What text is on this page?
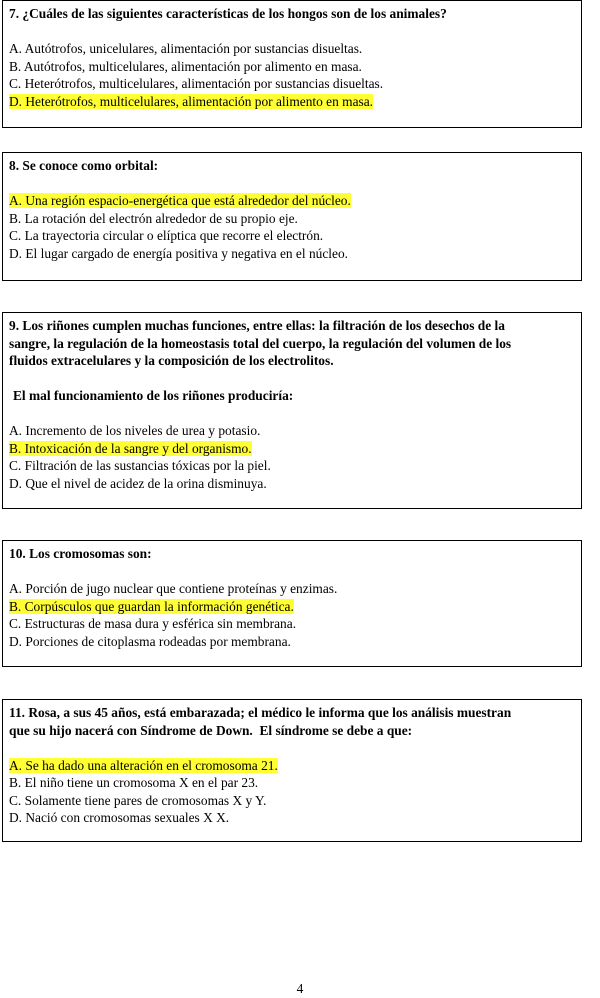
7. ¿Cuáles de las siguientes características de los hongos son de los animales?
A. Autótrofos, unicelulares, alimentación por sustancias disueltas.
B. Autótrofos, multicelulares, alimentación por alimento en masa.
C. Heterótrofos, multicelulares, alimentación por sustancias disueltas.
D. Heterótrofos, multicelulares, alimentación por alimento en masa.
8. Se conoce como orbital:
A. Una región espacio-energética que está alrededor del núcleo.
B. La rotación del electrón alrededor de su propio eje.
C. La trayectoria circular o elíptica que recorre el electrón.
D. El lugar cargado de energía positiva y negativa en el núcleo.
9. Los riñones cumplen muchas funciones, entre ellas: la filtración de los desechos de la
sangre, la regulación de la homeostasis total del cuerpo, la regulación del volumen de los
fluidos extracelulares y la composición de los electrolitos.
El mal funcionamiento de los riñones produciría:
A. Incremento de los niveles de urea y potasio.
B. Intoxicación de la sangre y del organismo.
C. Filtración de las sustancias tóxicas por la piel.
D. Que el nivel de acidez de la orina disminuya.
10. Los cromosomas son:
A. Porción de jugo nuclear que contiene proteínas y enzimas.
B. Corpúsculos que guardan la información genética.
C. Estructuras de masa dura y esférica sin membrana.
D. Porciones de citoplasma rodeadas por membrana.
11. Rosa, a sus 45 años, está embarazada; el médico le informa que los análisis muestran
que su hijo nacerá con Síndrome de Down.  El síndrome se debe a que:
A. Se ha dado una alteración en el cromosoma 21.
B. El niño tiene un cromosoma X en el par 23.
C. Solamente tiene pares de cromosomas X y Y.
D. Nació con cromosomas sexuales X X.
4
